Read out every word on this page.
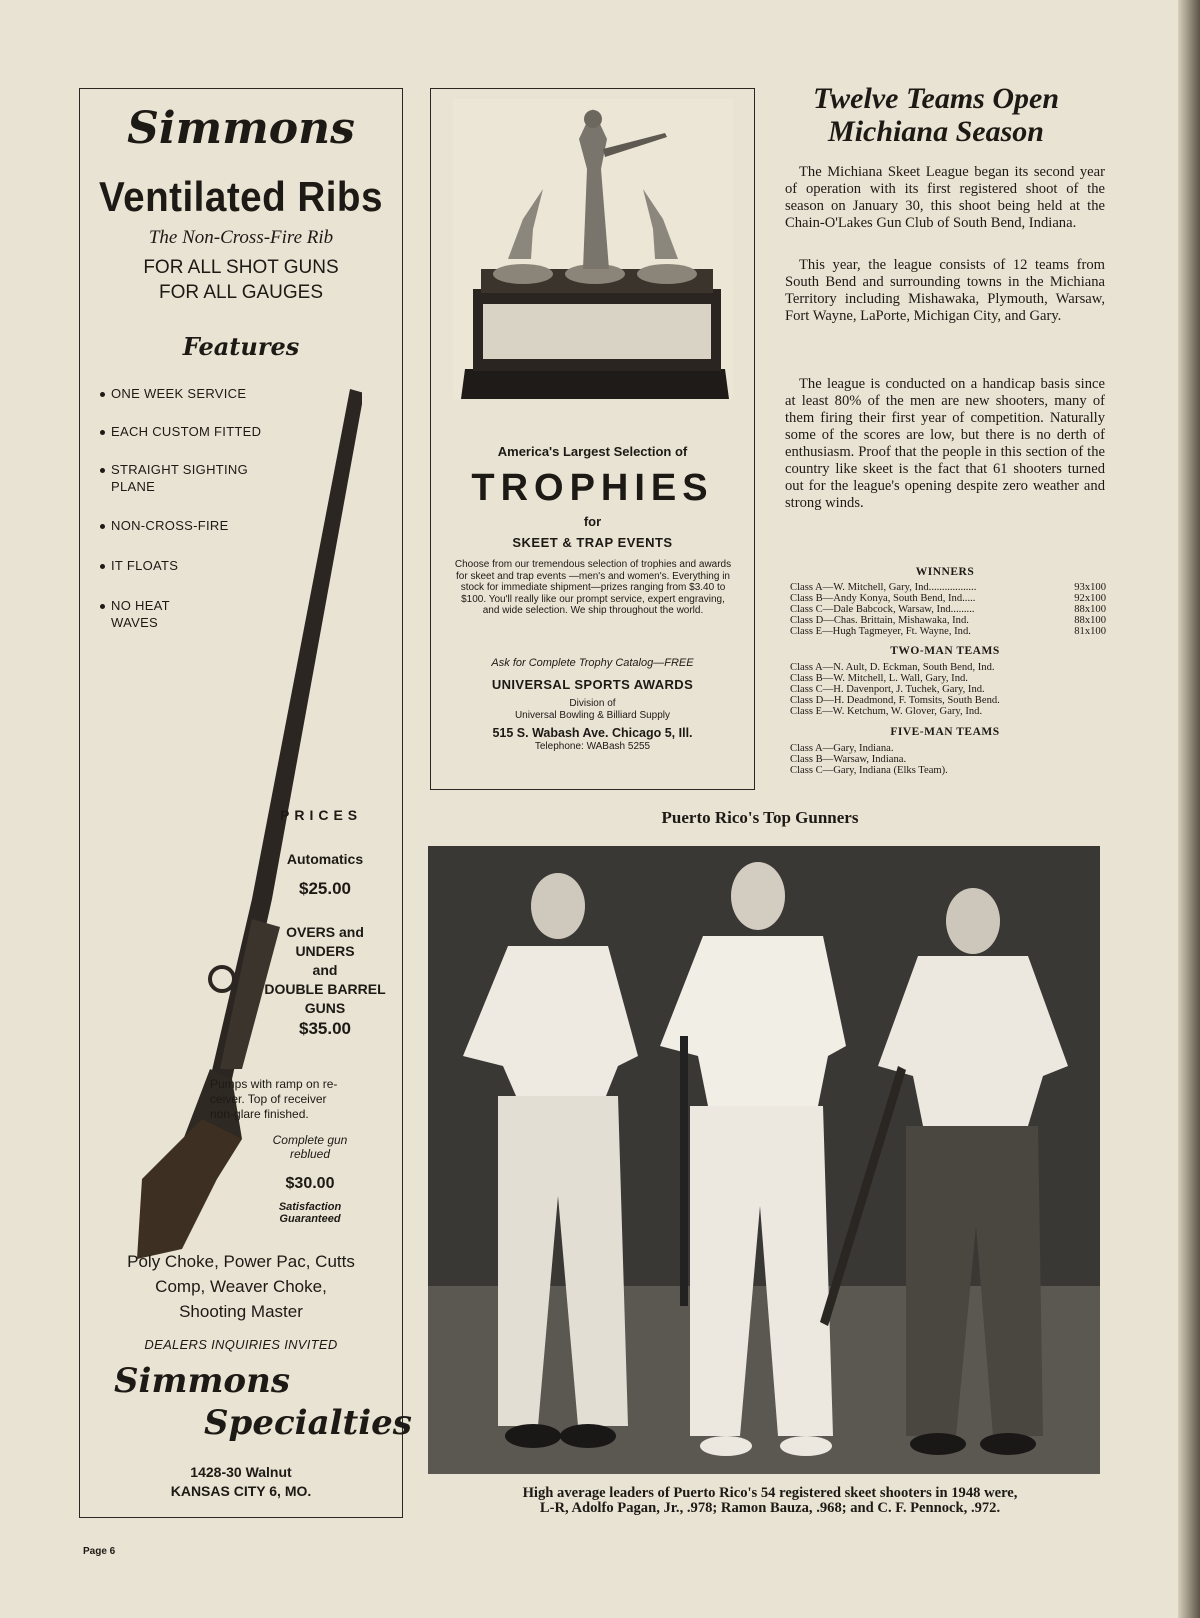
Simmons
Ventilated Ribs
The Non-Cross-Fire Rib
FOR ALL SHOT GUNS
FOR ALL GAUGES
Features
ONE WEEK SERVICE
EACH CUSTOM FITTED
STRAIGHT SIGHTING
PLANE
NON-CROSS-FIRE
IT FLOATS
NO HEAT
WAVES
PRICES
Automatics
$25.00
OVERS and
UNDERS
and
DOUBLE BARREL
GUNS
$35.00
Pumps with ramp on re-
ceiver. Top of receiver
non-glare finished.
Complete gun
reblued
$30.00
Satisfaction
Guaranteed
Poly Choke, Power Pac, Cutts
Comp, Weaver Choke,
Shooting Master
DEALERS INQUIRIES INVITED
Simmons
Specialties
1428-30 Walnut
KANSAS CITY 6, MO.
America's Largest Selection of
TROPHIES
for
SKEET & TRAP EVENTS
Choose from our tremendous selection of trophies and awards for skeet and trap events —men's and women's. Everything in stock for immediate shipment—prizes ranging from $3.40 to $100. You'll really like our prompt service, expert engraving, and wide selection. We ship throughout the world.
Ask for Complete Trophy Catalog—FREE
UNIVERSAL SPORTS AWARDS
Division of
Universal Bowling & Billiard Supply
515 S. Wabash Ave. Chicago 5, Ill.
Telephone: WABash 5255
Twelve Teams Open
Michiana Season
The Michiana Skeet League began its second year of operation with its first registered shoot of the season on January 30, this shoot being held at the Chain-O'Lakes Gun Club of South Bend, Indiana.
This year, the league consists of 12 teams from South Bend and surrounding towns in the Michiana Territory including Mishawaka, Plymouth, Warsaw, Fort Wayne, LaPorte, Michigan City, and Gary.
The league is conducted on a handicap basis since at least 80% of the men are new shooters, many of them firing their first year of competition. Naturally some of the scores are low, but there is no derth of enthusiasm. Proof that the people in this section of the country like skeet is the fact that 61 shooters turned out for the league's opening despite zero weather and strong winds.
WINNERS
Class A—W. Mitchell, Gary, Ind..................	93x100
Class B—Andy Konya, South Bend, Ind.....	92x100
Class C—Dale Babcock, Warsaw, Ind.........	88x100
Class D—Chas. Brittain, Mishawaka, Ind.	88x100
Class E—Hugh Tagmeyer, Ft. Wayne, Ind.	81x100
TWO-MAN TEAMS
Class A—N. Ault, D. Eckman, South Bend, Ind.
Class B—W. Mitchell, L. Wall, Gary, Ind.
Class C—H. Davenport, J. Tuchek, Gary, Ind.
Class D—H. Deadmond, F. Tomsits, South Bend.
Class E—W. Ketchum, W. Glover, Gary, Ind.
FIVE-MAN TEAMS
Class A—Gary, Indiana.
Class B—Warsaw, Indiana.
Class C—Gary, Indiana (Elks Team).
Puerto Rico's Top Gunners
High average leaders of Puerto Rico's 54 registered skeet shooters in 1948 were,
L-R, Adolfo Pagan, Jr., .978; Ramon Bauza, .968; and C. F. Pennock, .972.
Page 6
